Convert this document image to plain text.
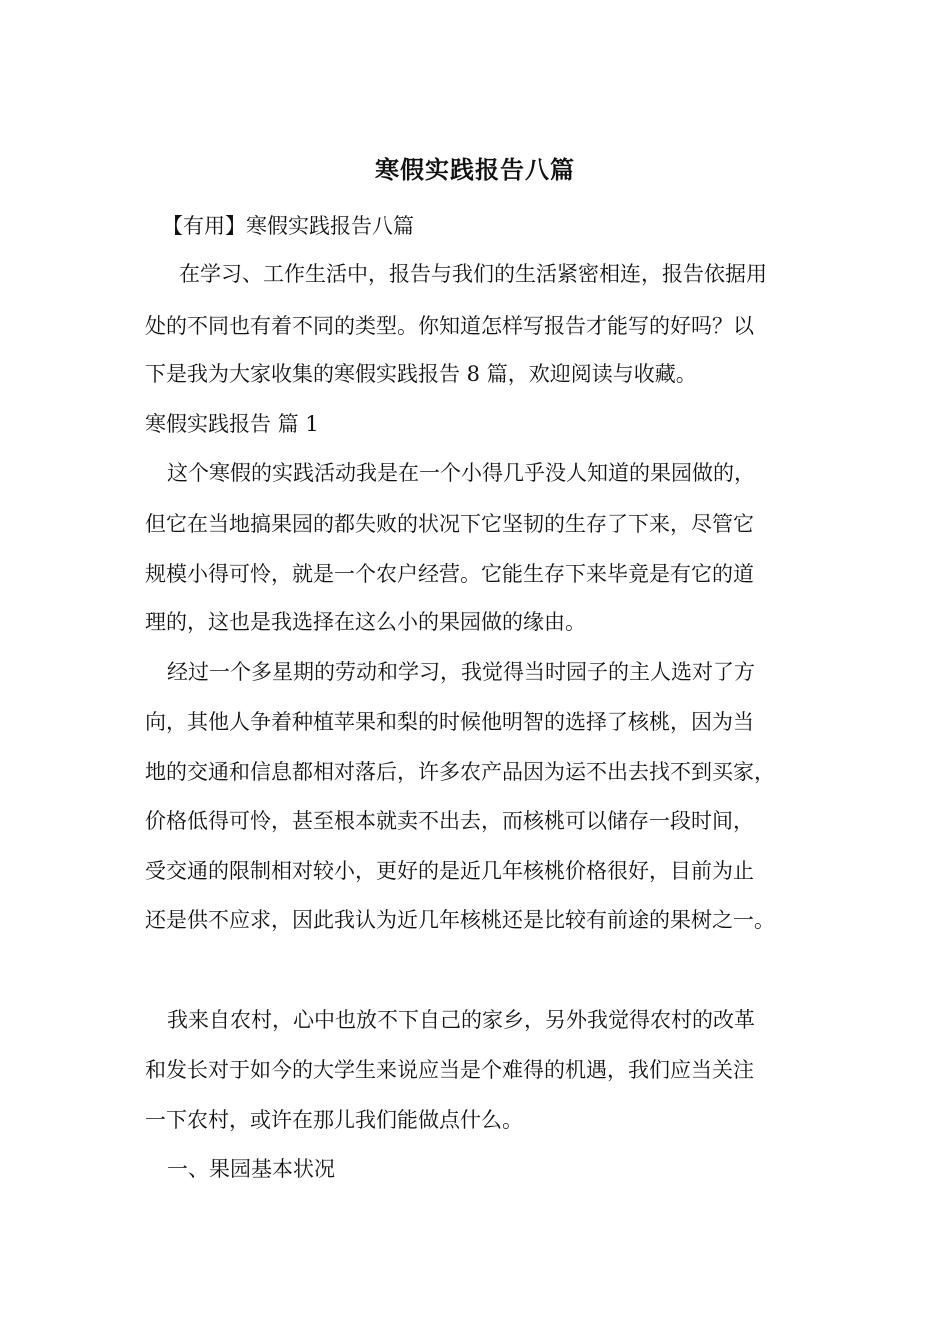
寒假实践报告八篇
【有用】寒假实践报告八篇
在学习、工作生活中，报告与我们的生活紧密相连，报告依据用
处的不同也有着不同的类型。你知道怎样写报告才能写的好吗？以
下是我为大家收集的寒假实践报告 8 篇，欢迎阅读与收藏。
寒假实践报告 篇 1
这个寒假的实践活动我是在一个小得几乎没人知道的果园做的，
但它在当地搞果园的都失败的状况下它坚韧的生存了下来，尽管它
规模小得可怜，就是一个农户经营。它能生存下来毕竟是有它的道
理的，这也是我选择在这么小的果园做的缘由。
经过一个多星期的劳动和学习，我觉得当时园子的主人选对了方
向，其他人争着种植苹果和梨的时候他明智的选择了核桃，因为当
地的交通和信息都相对落后，许多农产品因为运不出去找不到买家，
价格低得可怜，甚至根本就卖不出去，而核桃可以储存一段时间，
受交通的限制相对较小，更好的是近几年核桃价格很好，目前为止
还是供不应求，因此我认为近几年核桃还是比较有前途的果树之一。
我来自农村，心中也放不下自己的家乡，另外我觉得农村的改革
和发长对于如今的大学生来说应当是个难得的机遇，我们应当关注
一下农村，或许在那儿我们能做点什么。
一、果园基本状况
